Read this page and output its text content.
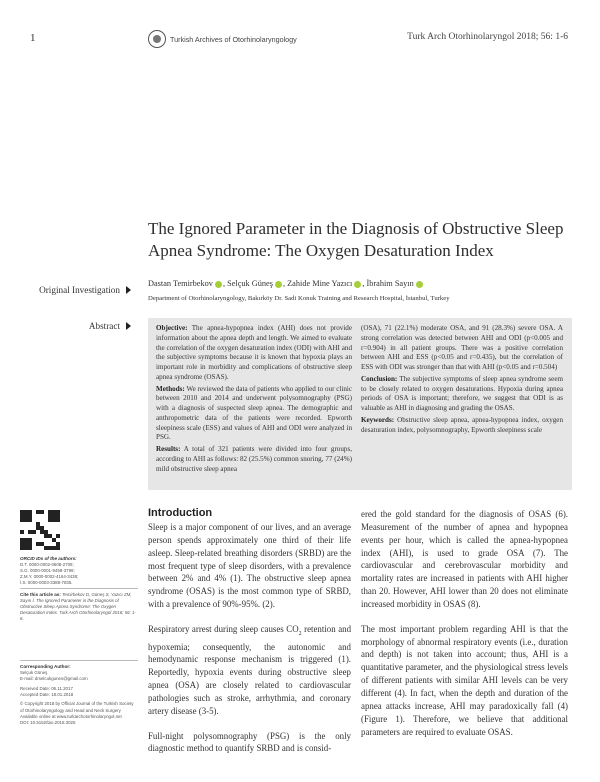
1	Turkish Archives of Otorhinolaryngology	Turk Arch Otorhinolaryngol 2018; 56: 1-6
The Ignored Parameter in the Diagnosis of Obstructive Sleep Apnea Syndrome: The Oxygen Desaturation Index
Original Investigation
Dastan Temirbekov , Selçuk Güneş , Zahide Mine Yazıcı , İbrahim Sayın
Department of Otorhinolaryngology, Bakırköy Dr. Sadi Konuk Training and Research Hospital, İstanbul, Turkey
Abstract	Objective: The apnea-hypopnea index (AHI) does not provide information about the apnea depth and length. We aimed to evaluate the correlation of the oxygen desaturation index (ODI) with AHI and the subjective symptoms because it is known that hypoxia plays an important role in morbidity and complications of obstructive sleep apnea syndrome (OSAS).

Methods: We reviewed the data of patients who applied to our clinic between 2010 and 2014 and underwent polysomnography (PSG) with a diagnosis of suspected sleep apnea. The demographic and anthropometric data of the patients were recorded. Epworth sleepiness scale (ESS) and values of AHI and ODI were analyzed in PSG.

Results: A total of 321 patients were divided into four groups, according to AHI as follows: 82 (25.5%) common snoring, 77 (24%) mild obstructive sleep apnea

(OSA), 71 (22.1%) moderate OSA, and 91 (28.3%) severe OSA. A strong correlation was detected between AHI and ODI (p<0.005 and r=0.904) in all patient groups. There was a positive correlation between AHI and ESS (p<0.05 and r=0.435), but the correlation of ESS with ODI was stronger than that with AHI (p<0.05 and r=0.504)

Conclusion: The subjective symptoms of sleep apnea syndrome seem to be closely related to oxygen desaturations. Hypoxia during apnea periods of OSA is important; therefore, we suggest that ODI is as valuable as AHI in diagnosing and grading the OSAS.

Keywords: Obstructive sleep apnea, apnea-hypopnea index, oxygen desaturation index, polysomnography, Epworth sleepiness scale

ORCID IDs of the authors:
D.T. 0000-0002-0608-2709;
S.G. 0000-0001-9458-3799;
Z.M.Y. 0000-0002-4164-3438;
İ.S. 0000-0003-3388-7835.
Cite this article as: Temirbekov D, Güneş S, Yazıcı ZM, Sayın İ. The Ignored Parameter in the Diagnosis of Obstructive Sleep Apnea Syndrome: The Oxygen Desaturation Index. Turk Arch Otorhinolaryngol 2018; 56: 1-6.
Corresponding Author:
Selçuk Güneş
E-mail: drselcukgunes@gmail.com
Received Date: 06.11.2017
Accepted Date: 18.01.2018
© Copyright 2018 by Official Journal of the Turkish Society of Otorhinolaryngology and Head and Neck Surgery Available online at www.turkarchotorhinolaryngol.net
DOI: 10.5152/tao.2018.3025
Introduction

Sleep is a major component of our lives, and an average person spends approximately one third of their life asleep. Sleep-related breathing disorders (SRBD) are the most frequent type of sleep disorders, with a prevalence between 2% and 4% (1). The obstructive sleep apnea syndrome (OSAS) is the most common type of SRBD, with a prevalence of 90%-95%. (2).

Respiratory arrest during sleep causes $CO_2$ retention and hypoxemia; consequently, the autonomic and hemodynamic response mechanism is triggered (1). Reportedly, hypoxia events during obstructive sleep apnea (OSA) are closely related to cardiovascular pathologies such as stroke, arrhythmia, and coronary artery disease (3-5).

Full-night polysomnography (PSG) is the only diagnostic method to quantify SRBD and is consid-

ered the gold standard for the diagnosis of OSAS (6). Measurement of the number of apnea and hypopnea events per hour, which is called the apnea-hypopnea index (AHI), is used to grade OSA (7). The cardiovascular and cerebrovascular morbidity and mortality rates are increased in patients with AHI higher than 20. However, AHI lower than 20 does not eliminate increased morbidity in OSAS (8).

The most important problem regarding AHI is that the morphology of abnormal respiratory events (i.e., duration and depth) is not taken into account; thus, AHI is a quantitative parameter, and the physiological stress levels of different patients with similar AHI levels can be very different (4). In fact, when the depth and duration of the apnea attacks increase, AHI may paradoxically fall (4) (Figure 1). Therefore, we believe that additional parameters are required to evaluate OSAS.
